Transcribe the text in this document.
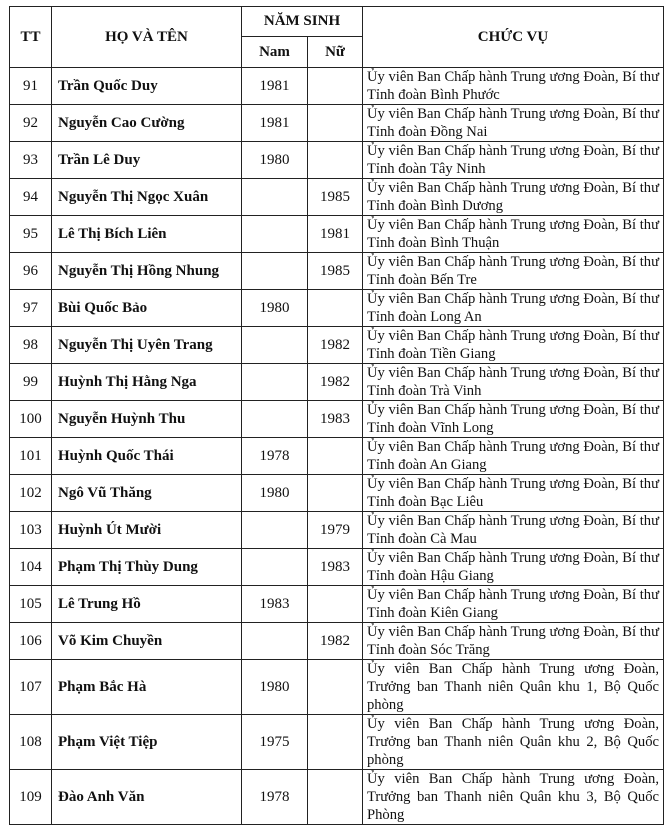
TT	HỌ VÀ TÊN	NĂM SINH		CHỨC VỤ
		Nam	Nữ	
91	Trần Quốc Duy	1981		Ủy viên Ban Chấp hành Trung ương Đoàn, Bí thư Tỉnh đoàn Bình Phước
92	Nguyễn Cao Cường	1981		Ủy viên Ban Chấp hành Trung ương Đoàn, Bí thư Tỉnh đoàn Đồng Nai
93	Trần Lê Duy	1980		Ủy viên Ban Chấp hành Trung ương Đoàn, Bí thư Tỉnh đoàn Tây Ninh
94	Nguyễn Thị Ngọc Xuân		1985	Ủy viên Ban Chấp hành Trung ương Đoàn, Bí thư Tỉnh đoàn Bình Dương
95	Lê Thị Bích Liên		1981	Ủy viên Ban Chấp hành Trung ương Đoàn, Bí thư Tỉnh đoàn Bình Thuận
96	Nguyễn Thị Hồng Nhung		1985	Ủy viên Ban Chấp hành Trung ương Đoàn, Bí thư Tỉnh đoàn Bến Tre
97	Bùi Quốc Bảo	1980		Ủy viên Ban Chấp hành Trung ương Đoàn, Bí thư Tỉnh đoàn Long An
98	Nguyễn Thị Uyên Trang		1982	Ủy viên Ban Chấp hành Trung ương Đoàn, Bí thư Tỉnh đoàn Tiền Giang
99	Huỳnh Thị Hằng Nga		1982	Ủy viên Ban Chấp hành Trung ương Đoàn, Bí thư Tỉnh đoàn Trà Vinh
100	Nguyễn Huỳnh Thu		1983	Ủy viên Ban Chấp hành Trung ương Đoàn, Bí thư Tỉnh đoàn Vĩnh Long
101	Huỳnh Quốc Thái	1978		Ủy viên Ban Chấp hành Trung ương Đoàn, Bí thư Tỉnh đoàn An Giang
102	Ngô Vũ Thăng	1980		Ủy viên Ban Chấp hành Trung ương Đoàn, Bí thư Tỉnh đoàn Bạc Liêu
103	Huỳnh Út Mười		1979	Ủy viên Ban Chấp hành Trung ương Đoàn, Bí thư Tỉnh đoàn Cà Mau
104	Phạm Thị Thùy Dung		1983	Ủy viên Ban Chấp hành Trung ương Đoàn, Bí thư Tỉnh đoàn Hậu Giang
105	Lê Trung Hồ	1983		Ủy viên Ban Chấp hành Trung ương Đoàn, Bí thư Tỉnh đoàn Kiên Giang
106	Võ Kim Chuyền		1982	Ủy viên Ban Chấp hành Trung ương Đoàn, Bí thư Tỉnh đoàn Sóc Trăng
107	Phạm Bắc Hà	1980		Ủy viên Ban Chấp hành Trung ương Đoàn, Trưởng ban Thanh niên Quân khu 1, Bộ Quốc phòng
108	Phạm Việt Tiệp	1975		Ủy viên Ban Chấp hành Trung ương Đoàn, Trưởng ban Thanh niên Quân khu 2, Bộ Quốc phòng
109	Đào Anh Văn	1978		Ủy viên Ban Chấp hành Trung ương Đoàn, Trưởng ban Thanh niên Quân khu 3, Bộ Quốc Phòng
